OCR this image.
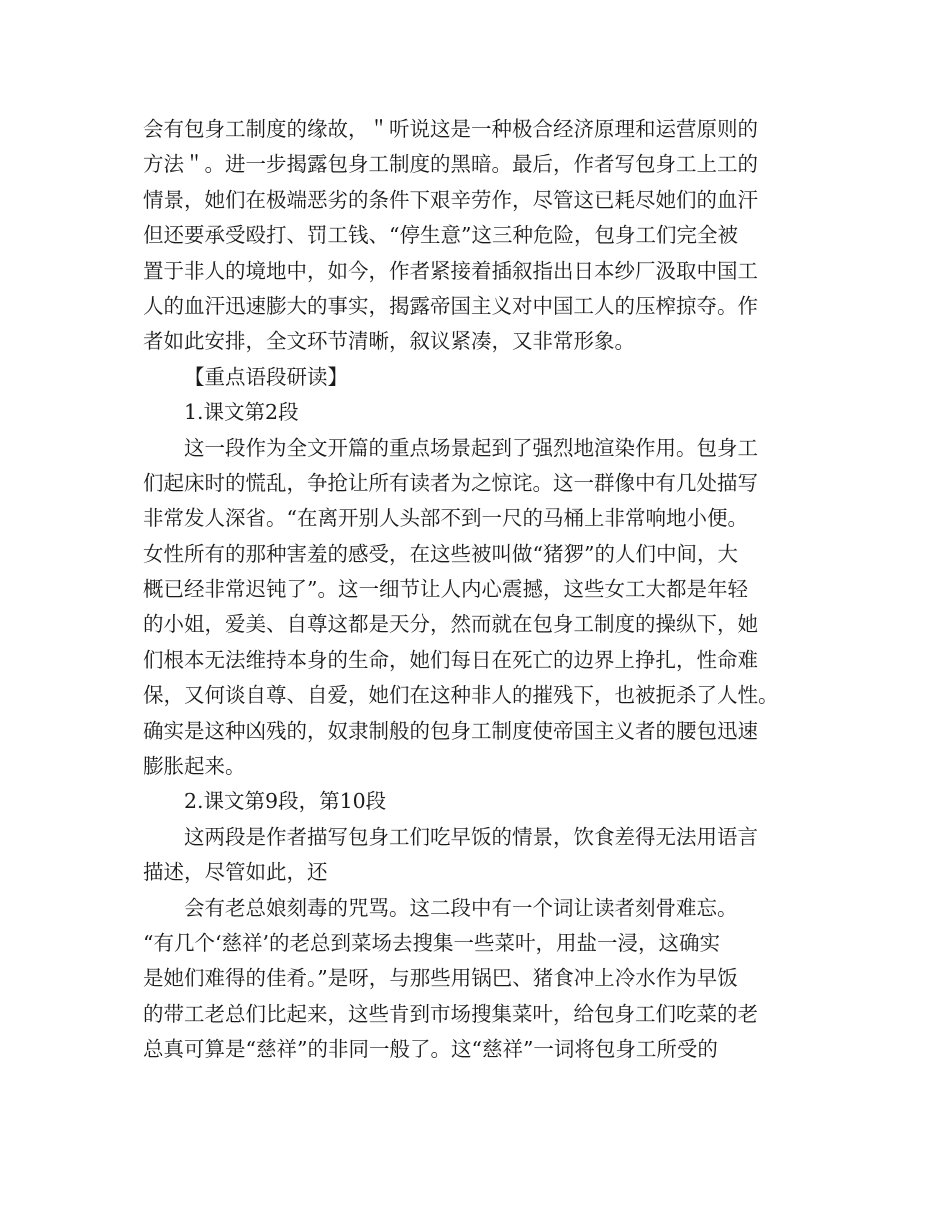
会有包身工制度的缘故，＂听说这是一种极合经济原理和运营原则的
方法＂。进一步揭露包身工制度的黑暗。最后，作者写包身工上工的
情景，她们在极端恶劣的条件下艰辛劳作，尽管这已耗尽她们的血汗
但还要承受殴打、罚工钱、“停生意”这三种危险，包身工们完全被
置于非人的境地中，如今，作者紧接着插叙指出日本纱厂汲取中国工
人的血汗迅速膨大的事实，揭露帝国主义对中国工人的压榨掠夺。作
者如此安排，全文环节清晰，叙议紧凑，又非常形象。
【重点语段研读】
1.课文第2段
这一段作为全文开篇的重点场景起到了强烈地渲染作用。包身工
们起床时的慌乱，争抢让所有读者为之惊诧。这一群像中有几处描写
非常发人深省。“在离开别人头部不到一尺的马桶上非常响地小便。
女性所有的那种害羞的感受，在这些被叫做“猪猡”的人们中间，大
概已经非常迟钝了”。这一细节让人内心震撼，这些女工大都是年轻
的小姐，爱美、自尊这都是天分，然而就在包身工制度的操纵下，她
们根本无法维持本身的生命，她们每日在死亡的边界上挣扎，性命难
保，又何谈自尊、自爱，她们在这种非人的摧残下，也被扼杀了人性。
确实是这种凶残的，奴隶制般的包身工制度使帝国主义者的腰包迅速
膨胀起来。
2.课文第9段，第10段
这两段是作者描写包身工们吃早饭的情景，饮食差得无法用语言
描述，尽管如此，还
会有老总娘刻毒的咒骂。这二段中有一个词让读者刻骨难忘。
“有几个‘慈祥’的老总到菜场去搜集一些菜叶，用盐一浸，这确实
是她们难得的佳肴。”是呀，与那些用锅巴、猪食冲上冷水作为早饭
的带工老总们比起来，这些肯到市场搜集菜叶，给包身工们吃菜的老
总真可算是“慈祥”的非同一般了。这“慈祥”一词将包身工所受的
